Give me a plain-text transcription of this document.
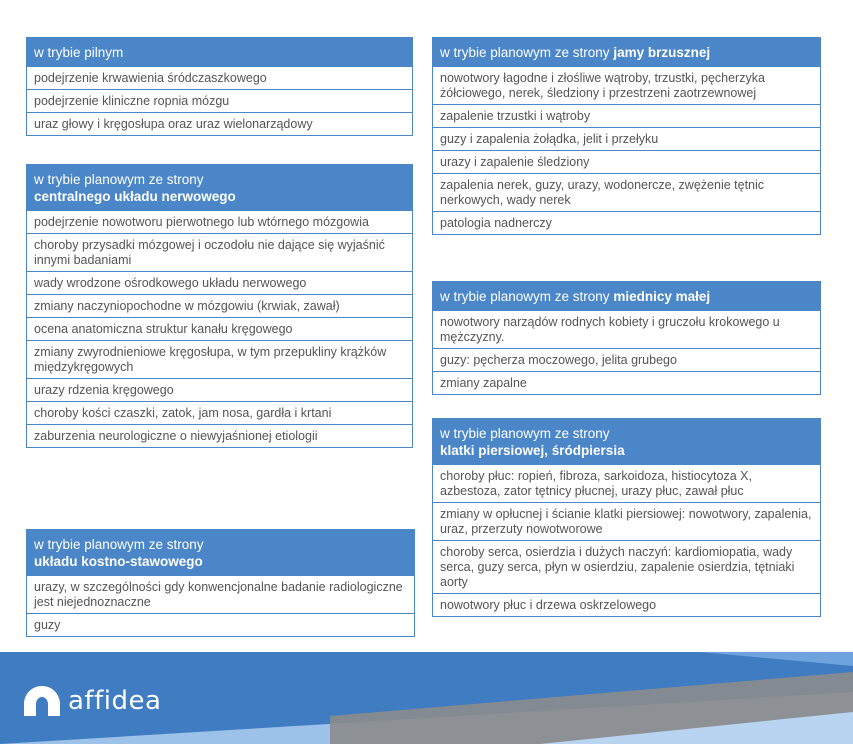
w trybie pilnym
podejrzenie krwawienia śródczaszkowego
podejrzenie kliniczne ropnia mózgu
uraz głowy i kręgosłupa oraz uraz wielonarządowy
w trybie planowym ze strony
centralnego układu nerwowego
podejrzenie nowotworu pierwotnego lub wtórnego mózgowia
choroby przysadki mózgowej i oczodołu nie dające się wyjaśnić innymi badaniami
wady wrodzone ośrodkowego układu nerwowego
zmiany naczyniopochodne w mózgowiu (krwiak, zawał)
ocena anatomiczna struktur kanału kręgowego
zmiany zwyrodnieniowe kręgosłupa, w tym przepukliny krążków międzykręgowych
urazy rdzenia kręgowego
choroby kości czaszki, zatok, jam nosa, gardła i krtani
zaburzenia neurologiczne o niewyjaśnionej etiologii
w trybie planowym ze strony
układu kostno-stawowego
urazy, w szczególności gdy konwencjonalne badanie radiologiczne jest niejednoznaczne
guzy
w trybie planowym ze strony jamy brzusznej
nowotwory łagodne i złośliwe wątroby, trzustki, pęcherzyka żółciowego, nerek, śledziony i przestrzeni zaotrzewnowej
zapalenie trzustki i wątroby
guzy i zapalenia żołądka, jelit i przełyku
urazy i zapalenie śledziony
zapalenia nerek, guzy, urazy, wodonercze, zwężenie tętnic nerkowych, wady nerek
patologia nadnerczy
w trybie planowym ze strony miednicy małej
nowotwory narządów rodnych kobiety i gruczołu krokowego u mężczyzny.
guzy: pęcherza moczowego, jelita grubego
zmiany zapalne
w trybie planowym ze strony
klatki piersiowej, śródpiersia
choroby płuc: ropień, fibroza, sarkoidoza, histiocytoza X, azbestoza, zator tętnicy płucnej, urazy płuc, zawał płuc
zmiany w opłucnej i ścianie klatki piersiowej: nowotwory, zapalenia, uraz, przerzuty nowotworowe
choroby serca, osierdzia i dużych naczyń: kardiomiopatia, wady serca, guzy serca, płyn w osierdziu, zapalenie osierdzia, tętniaki aorty
nowotwory płuc i drzewa oskrzelowego
affidea
